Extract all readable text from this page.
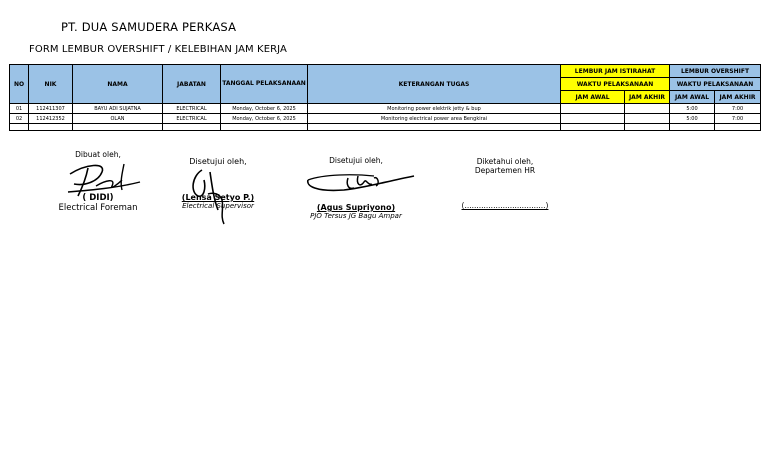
PT. DUA SAMUDERA PERKASA
FORM LEMBUR OVERSHIFT / KELEBIHAN JAM KERJA
NO	NIK	NAMA	JABATAN	TANGGAL PELAKSANAAN	KETERANGAN TUGAS	LEMBUR JAM ISTIRAHAT		LEMBUR OVERSHIFT	
						WAKTU PELAKSANAAN		WAKTU PELAKSANAAN	
						JAM AWAL	JAM AKHIR	JAM AWAL	JAM AKHIR
01	112411307	BAYU ADI SUJATNA	ELECTRICAL	Monday, October 6, 2025	Monitoring power elektrik jetty & bup			5:00	7:00
02	112412352	OLAN	ELECTRICAL	Monday, October 6, 2025	Monitoring electrical power area Bengkirai			5:00	7:00

Dibuat oleh,
( DIDI)
Electrical Foreman
Disetujui oleh,
(Lensa Setyo P.)
Electrical Supervisor
Disetujui oleh,
(Agus Supriyono)
PJO Tersus JG Bagu Ampar
Diketahui oleh,
Departemen HR
(..................................)
